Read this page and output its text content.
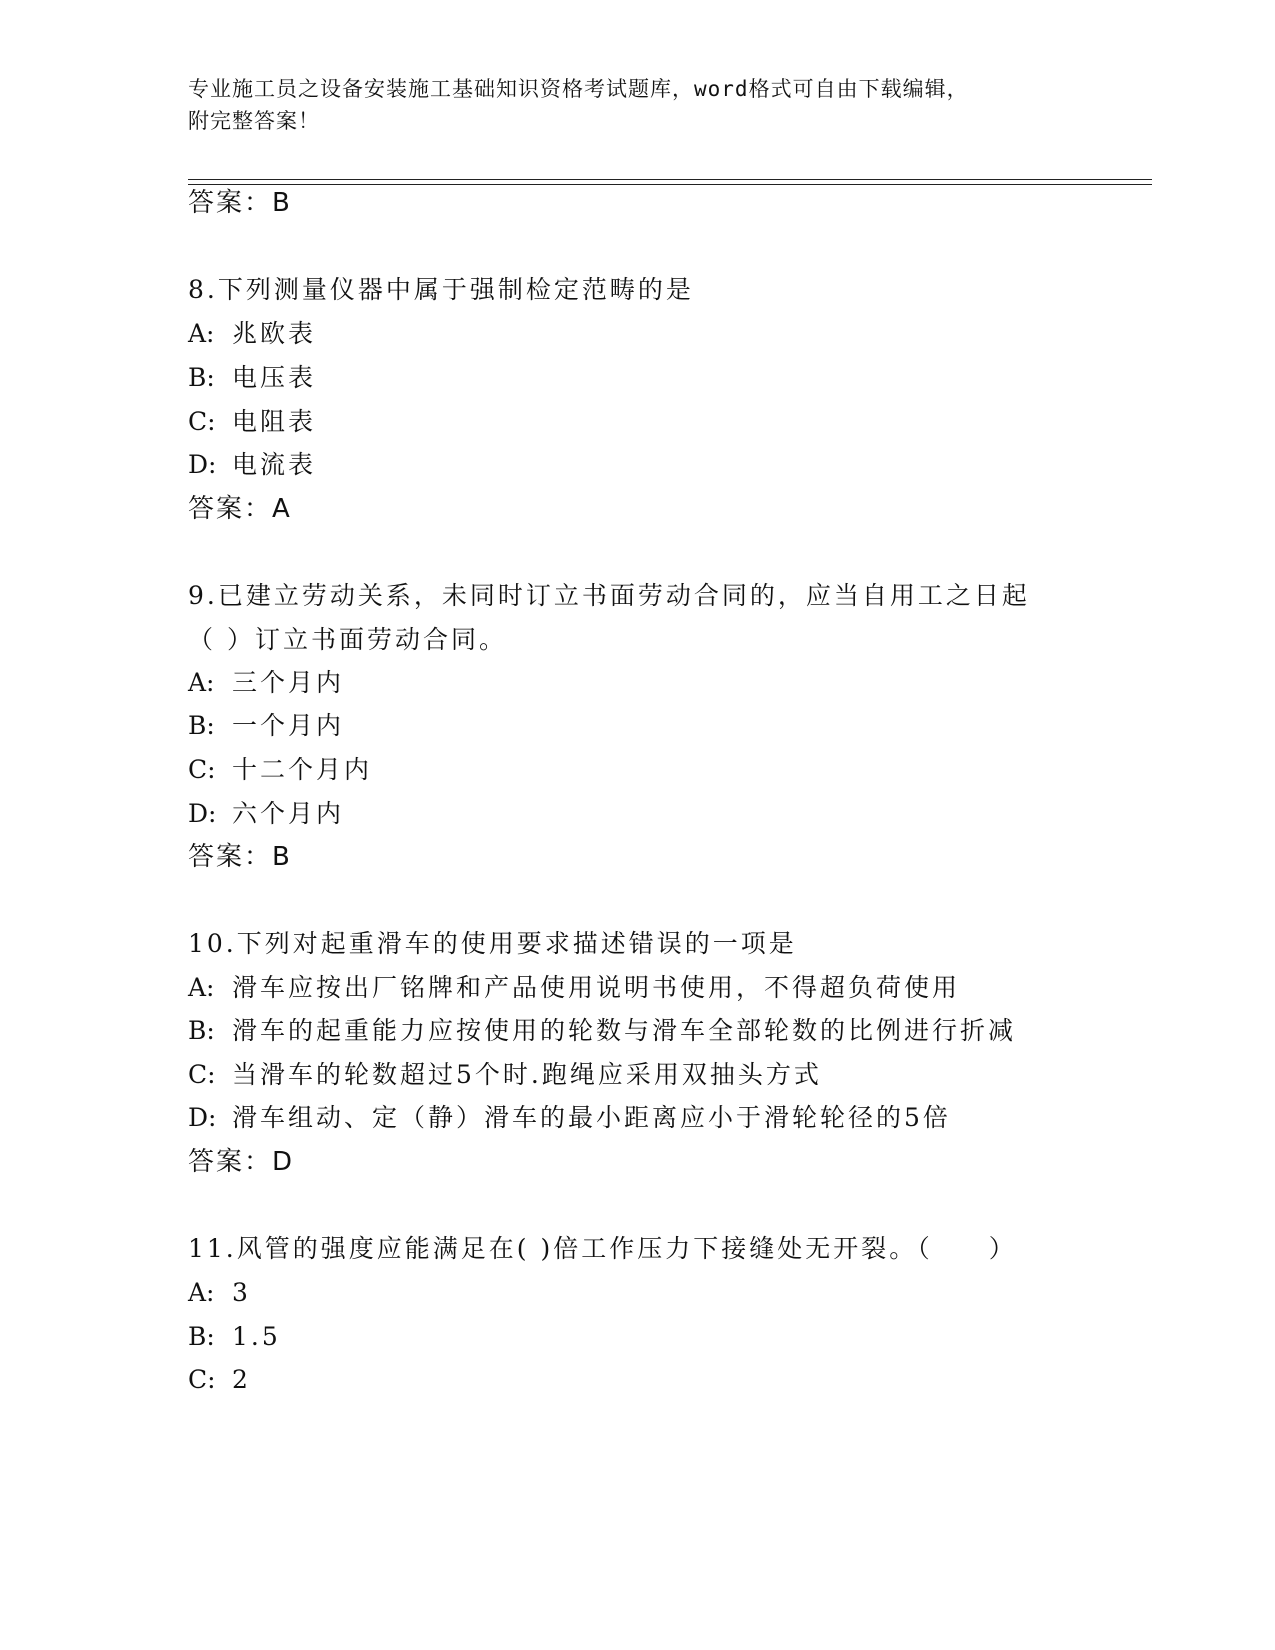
专业施工员之设备安装施工基础知识资格考试题库，word格式可自由下载编辑，
附完整答案！
答案：B
8.下列测量仪器中属于强制检定范畴的是
A: 兆欧表
B: 电压表
C: 电阻表
D: 电流表
答案：A
9.已建立劳动关系，未同时订立书面劳动合同的，应当自用工之日起
（ ）订立书面劳动合同。
A: 三个月内
B: 一个月内
C: 十二个月内
D: 六个月内
答案：B
10.下列对起重滑车的使用要求描述错误的一项是
A: 滑车应按出厂铭牌和产品使用说明书使用，不得超负荷使用
B: 滑车的起重能力应按使用的轮数与滑车全部轮数的比例进行折减
C: 当滑车的轮数超过5个时.跑绳应采用双抽头方式
D: 滑车组动、定（静）滑车的最小距离应小于滑轮轮径的5倍
答案：D
11.风管的强度应能满足在( )倍工作压力下接缝处无开裂。（　　）
A: 3
B: 1.5
C: 2
